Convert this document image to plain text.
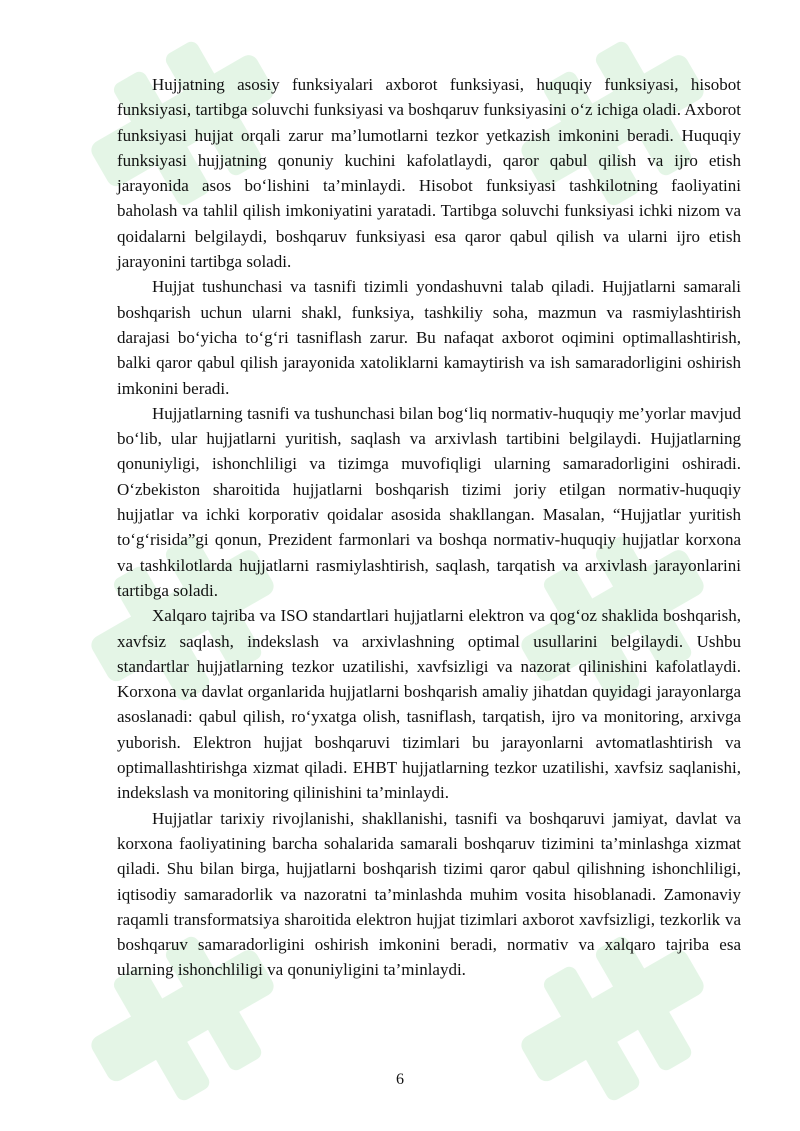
Hujjatning asosiy funksiyalari axborot funksiyasi, huquqiy funksiyasi, hisobot funksiyasi, tartibga soluvchi funksiyasi va boshqaruv funksiyasini o‘z ichiga oladi. Axborot funksiyasi hujjat orqali zarur ma’lumotlarni tezkor yetkazish imkonini beradi. Huquqiy funksiyasi hujjatning qonuniy kuchini kafolatlaydi, qaror qabul qilish va ijro etish jarayonida asos bo‘lishini ta’minlaydi. Hisobot funksiyasi tashkilotning faoliyatini baholash va tahlil qilish imkoniyatini yaratadi. Tartibga soluvchi funksiyasi ichki nizom va qoidalarni belgilaydi, boshqaruv funksiyasi esa qaror qabul qilish va ularni ijro etish jarayonini tartibga soladi.

Hujjat tushunchasi va tasnifi tizimli yondashuvni talab qiladi. Hujjatlarni samarali boshqarish uchun ularni shakl, funksiya, tashkiliy soha, mazmun va rasmiylashtirish darajasi bo‘yicha to‘g‘ri tasniflash zarur. Bu nafaqat axborot oqimini optimallashtirish, balki qaror qabul qilish jarayonida xatoliklarni kamaytirish va ish samaradorligini oshirish imkonini beradi.

Hujjatlarning tasnifi va tushunchasi bilan bog‘liq normativ-huquqiy me’yorlar mavjud bo‘lib, ular hujjatlarni yuritish, saqlash va arxivlash tartibini belgilaydi. Hujjatlarning qonuniyligi, ishonchliligi va tizimga muvofiqligi ularning samaradorligini oshiradi. O‘zbekiston sharoitida hujjatlarni boshqarish tizimi joriy etilgan normativ-huquqiy hujjatlar va ichki korporativ qoidalar asosida shakllangan. Masalan, “Hujjatlar yuritish to‘g‘risida”gi qonun, Prezident farmonlari va boshqa normativ-huquqiy hujjatlar korxona va tashkilotlarda hujjatlarni rasmiylashtirish, saqlash, tarqatish va arxivlash jarayonlarini tartibga soladi.

Xalqaro tajriba va ISO standartlari hujjatlarni elektron va qog‘oz shaklida boshqarish, xavfsiz saqlash, indekslash va arxivlashning optimal usullarini belgilaydi. Ushbu standartlar hujjatlarning tezkor uzatilishi, xavfsizligi va nazorat qilinishini kafolatlaydi. Korxona va davlat organlarida hujjatlarni boshqarish amaliy jihatdan quyidagi jarayonlarga asoslanadi: qabul qilish, ro‘yxatga olish, tasniflash, tarqatish, ijro va monitoring, arxivga yuborish. Elektron hujjat boshqaruvi tizimlari bu jarayonlarni avtomatlashtirish va optimallashtirishga xizmat qiladi. EHBT hujjatlarning tezkor uzatilishi, xavfsiz saqlanishi, indekslash va monitoring qilinishini ta’minlaydi.

Hujjatlar tarixiy rivojlanishi, shakllanishi, tasnifi va boshqaruvi jamiyat, davlat va korxona faoliyatining barcha sohalarida samarali boshqaruv tizimini ta’minlashga xizmat qiladi. Shu bilan birga, hujjatlarni boshqarish tizimi qaror qabul qilishning ishonchliligi, iqtisodiy samaradorlik va nazoratni ta’minlashda muhim vosita hisoblanadi. Zamonaviy raqamli transformatsiya sharoitida elektron hujjat tizimlari axborot xavfsizligi, tezkorlik va boshqaruv samaradorligini oshirish imkonini beradi, normativ va xalqaro tajriba esa ularning ishonchliligi va qonuniyligini ta’minlaydi.

6
